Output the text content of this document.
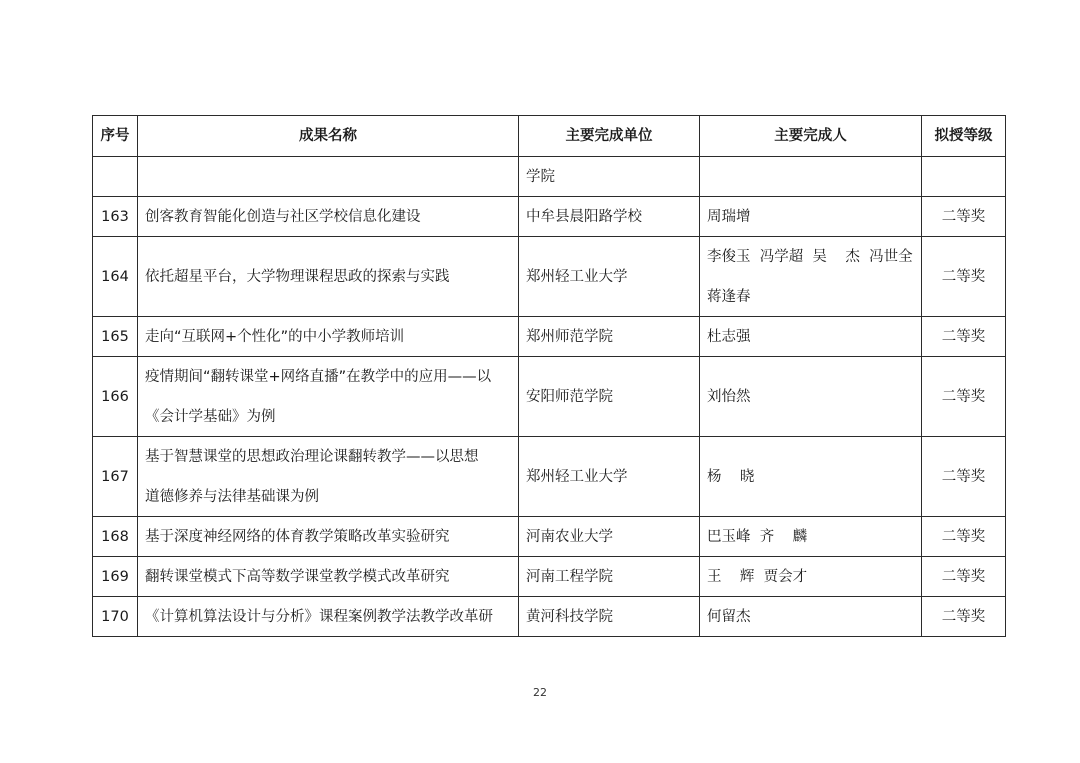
序号	成果名称	主要完成单位	主要完成人	拟授等级

		学院		

163	创客教育智能化创造与社区学校信息化建设	中牟县晨阳路学校	周瑞增	二等奖
164	依托超星平台，大学物理课程思政的探索与实践	郑州轻工业大学	李俊玉  冯学超  吴    杰  冯世全
蒋逢春	二等奖
165	走向“互联网+个性化”的中小学教师培训	郑州师范学院	杜志强	二等奖
166	疫情期间“翻转课堂+网络直播”在教学中的应用——以
《会计学基础》为例	安阳师范学院	刘怡然	二等奖
167	基于智慧课堂的思想政治理论课翻转教学——以思想
道德修养与法律基础课为例	郑州轻工业大学	杨    晓	二等奖
168	基于深度神经网络的体育教学策略改革实验研究	河南农业大学	巴玉峰  齐    麟	二等奖
169	翻转课堂模式下高等数学课堂教学模式改革研究	河南工程学院	王    辉  贾会才	二等奖
170	《计算机算法设计与分析》课程案例教学法教学改革研	黄河科技学院	何留杰	二等奖
22
